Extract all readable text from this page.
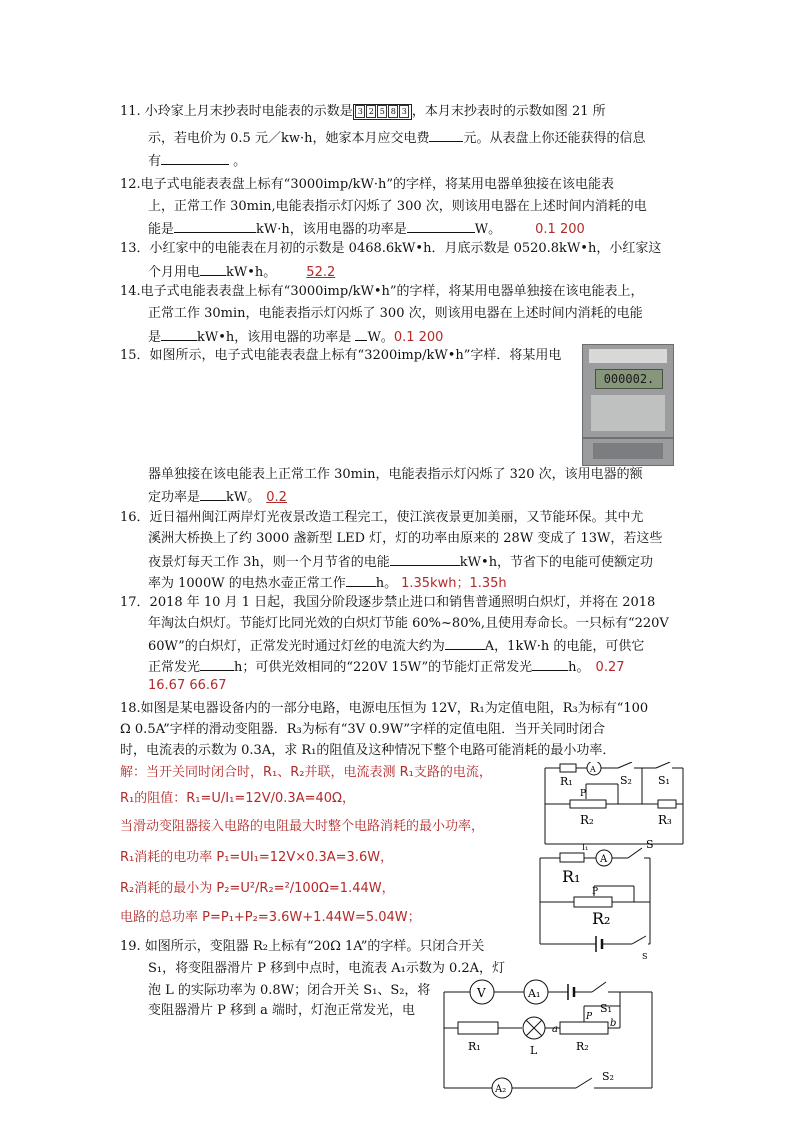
11. 小玲家上月末抄表时电能表的示数是 3 2 5 8 3 ，本月末抄表时的示数如图 21 所
示，若电价为 0.5 元／kw·h，她家本月应交电费	元。从表盘上你还能获得的信息
有	。
12.电子式电能表表盘上标有“3000imp/kW·h”的字样，将某用电器单独接在该电能表
上，正常工作 30min,电能表指示灯闪烁了 300 次，则该用电器在上述时间内消耗的电
能是	kW·h，该用电器的功率是	W。	0.1 200
13．小红家中的电能表在月初的示数是 0468.6kW•h．月底示数是 0520.8kW•h，小红家这
个月用电 kW•h。 52.2
14.电子式电能表表盘上标有“3000imp/kW•h”的字样，将某用电器单独接在该电能表上，
正常工作 30min，电能表指示灯闪烁了 300 次，则该用电器在上述时间内消耗的电能
是	kW•h，该用电器的功率是 W。0.1 200
15．如图所示，电子式电能表表盘上标有“3200imp/kW•h”字样．将某用电
000002.
器单独接在该电能表上正常工作 30min，电能表指示灯闪烁了 320 次，该用电器的额
定功率是 kW。 0.2
16．近日福州闽江两岸灯光夜景改造工程完工，使江滨夜景更加美丽，又节能环保。其中尤
溪洲大桥换上了约 3000 盏新型 LED 灯，灯的功率由原来的 28W 变成了 13W，若这些
夜景灯每天工作 3h，则一个月节省的电能	kW•h，节省下的电能可使额定功
率为 1000W 的电热水壶正常工作 h。 1.35kwh；1.35h
17．2018 年 10 月 1 日起，我国分阶段逐步禁止进口和销售普通照明白炽灯，并将在 2018
年淘汰白炽灯。节能灯比同光效的白炽灯节能 60%~80%,且使用寿命长。一只标有“220V
60W”的白炽灯，正常发光时通过灯丝的电流大约为	A，1kW·h 的电能，可供它
正常发光	h；可供光效相同的“220V 15W”的节能灯正常发光	h。 0.27
16.67 66.67
18.如图是某电器设备内的一部分电路，电源电压恒为 12V，R₁为定值电阻，R₃为标有“100
Ω 0.5A”字样的滑动变阻器．R₃为标有“3V 0.9W”字样的定值电阻．当开关同时闭合
时，电流表的示数为 0.3A，求 R₁的阻值及这种情况下整个电路可能消耗的最小功率．
解：当开关同时闭合时，R₁、R₂并联，电流表测 R₁支路的电流，
R₁的阻值：R₁=U/I₁=12V/0.3A=40Ω，
当滑动变阻器接入电路的电阻最大时整个电路消耗的最小功率，
R₁消耗的电功率 P₁=UI₁=12V×0.3A=3.6W，
R₂消耗的最小为 P₂=U²/R₂=²/100Ω=1.44W，
电路的总功率 P=P₁+P₂=3.6W+1.44W=5.04W；
R₁
A
S₂ S₁
P
R₂	R₃
I₁
R₁
A
S
P
R₂
S
19. 如图所示，变阻器 R₂上标有“20Ω 1A”的字样。只闭合开关
S₁，将变阻器滑片 P 移到中点时，电流表 A₁示数为 0.2A，灯
泡 L 的实际功率为 0.8W；闭合开关 S₁、S₂，将
变阻器滑片 P 移到 a 端时，灯泡正常发光，电
V	A₁
S₁
P
a
b
R₁	L	R₂
A₂
S₂
